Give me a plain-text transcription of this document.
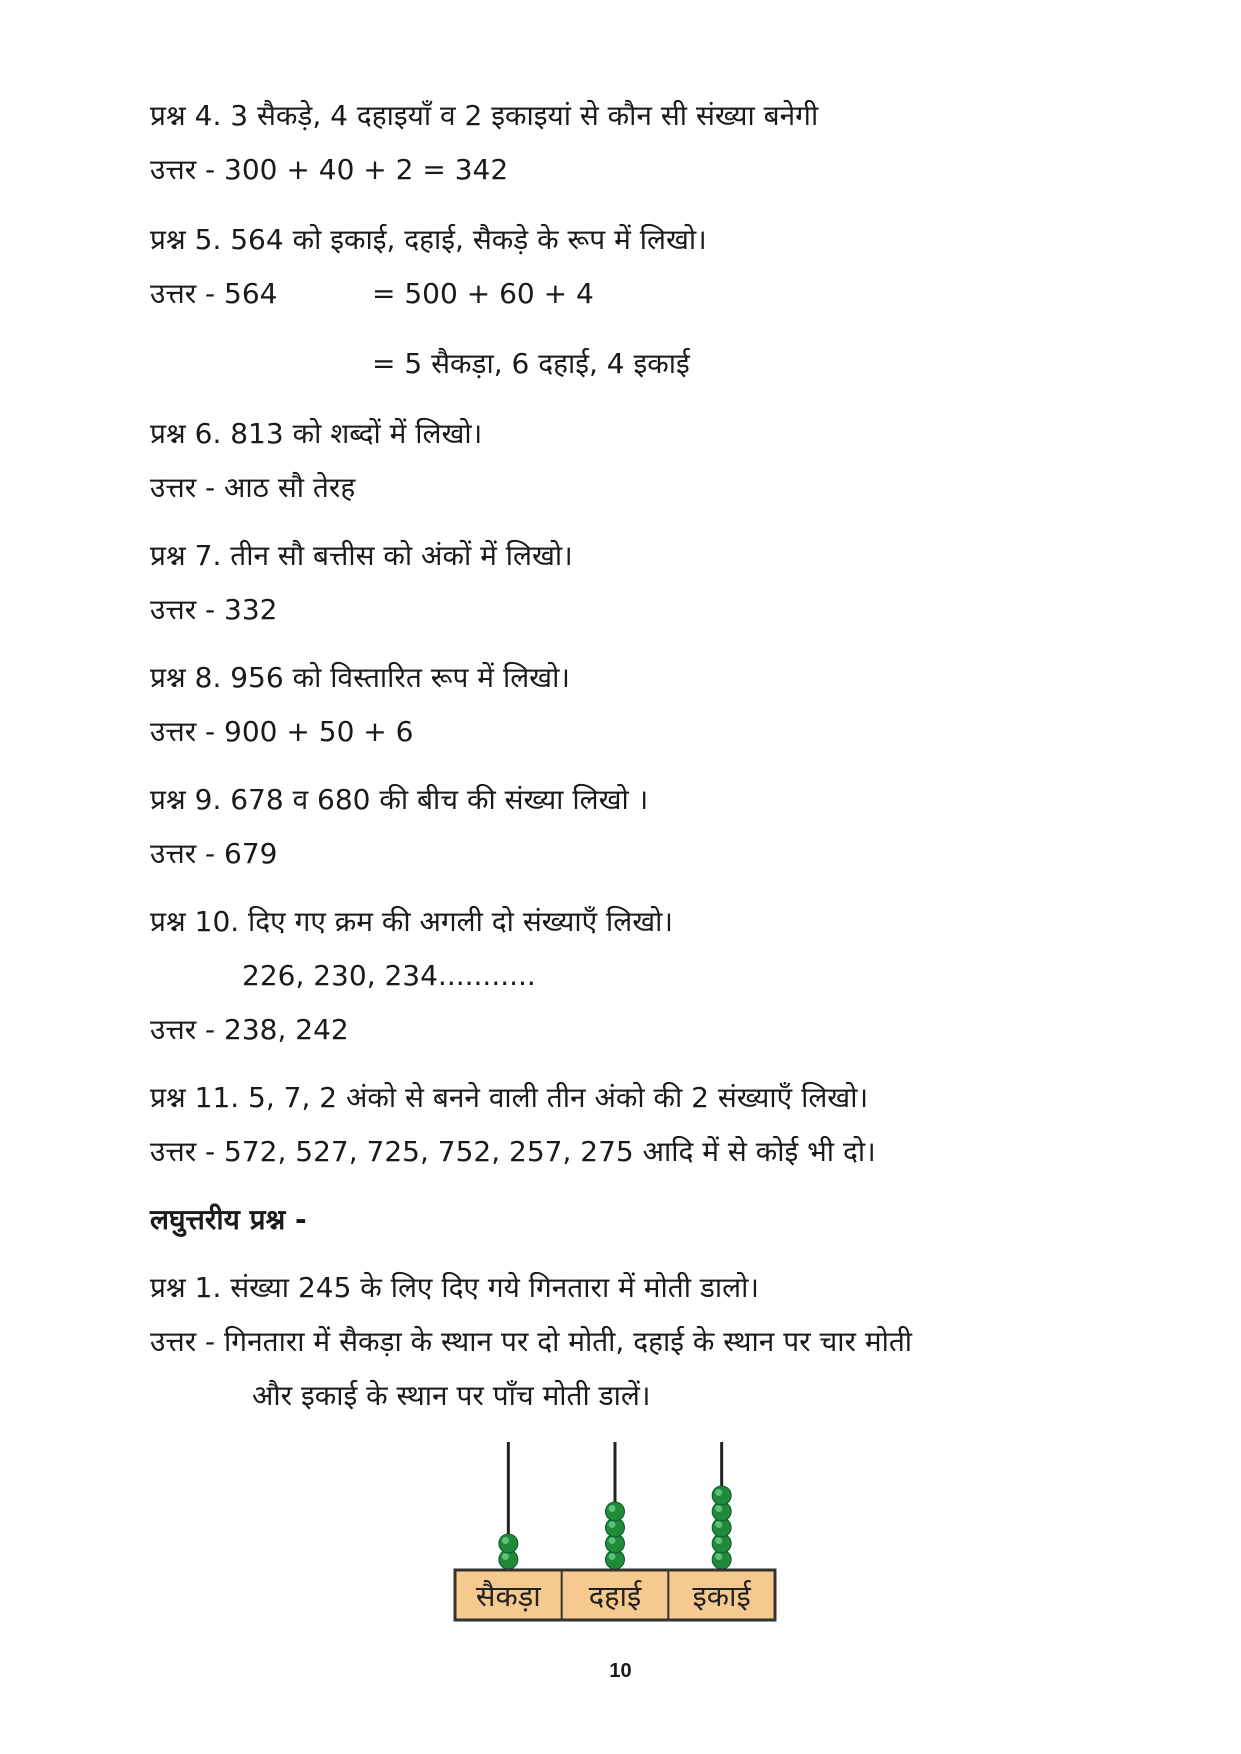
प्रश्न 4. 3 सैकड़े, 4 दहाइयाँ व 2 इकाइयां से कौन सी संख्या बनेगी
उत्तर - 300 + 40 + 2 = 342
प्रश्न 5. 564 को इकाई, दहाई, सैकड़े के रूप में लिखो।
उत्तर - 564	= 500 + 60 + 4
= 5 सैकड़ा, 6 दहाई, 4 इकाई
प्रश्न 6. 813 को शब्दों में लिखो।
उत्तर - आठ सौ तेरह
प्रश्न 7. तीन सौ बत्तीस को अंकों में लिखो।
उत्तर - 332
प्रश्न 8. 956 को विस्तारित रूप में लिखो।
उत्तर - 900 + 50 + 6
प्रश्न 9. 678 व 680 की बीच की संख्या लिखो ।
उत्तर - 679
प्रश्न 10. दिए गए क्रम की अगली दो संख्याएँ लिखो।
226, 230, 234...........
उत्तर - 238, 242
प्रश्न 11. 5, 7, 2 अंको से बनने वाली तीन अंको की 2 संख्याएँ लिखो।
उत्तर - 572, 527, 725, 752, 257, 275 आदि में से कोई भी दो।
लघुत्तरीय प्रश्न -
प्रश्न 1. संख्या 245 के लिए दिए गये गिनतारा में मोती डालो।
उत्तर - गिनतारा में सैकड़ा के स्थान पर दो मोती, दहाई के स्थान पर चार मोती
और इकाई के स्थान पर पाँच मोती डालें।
सैकड़ा दहाई इकाई
10
